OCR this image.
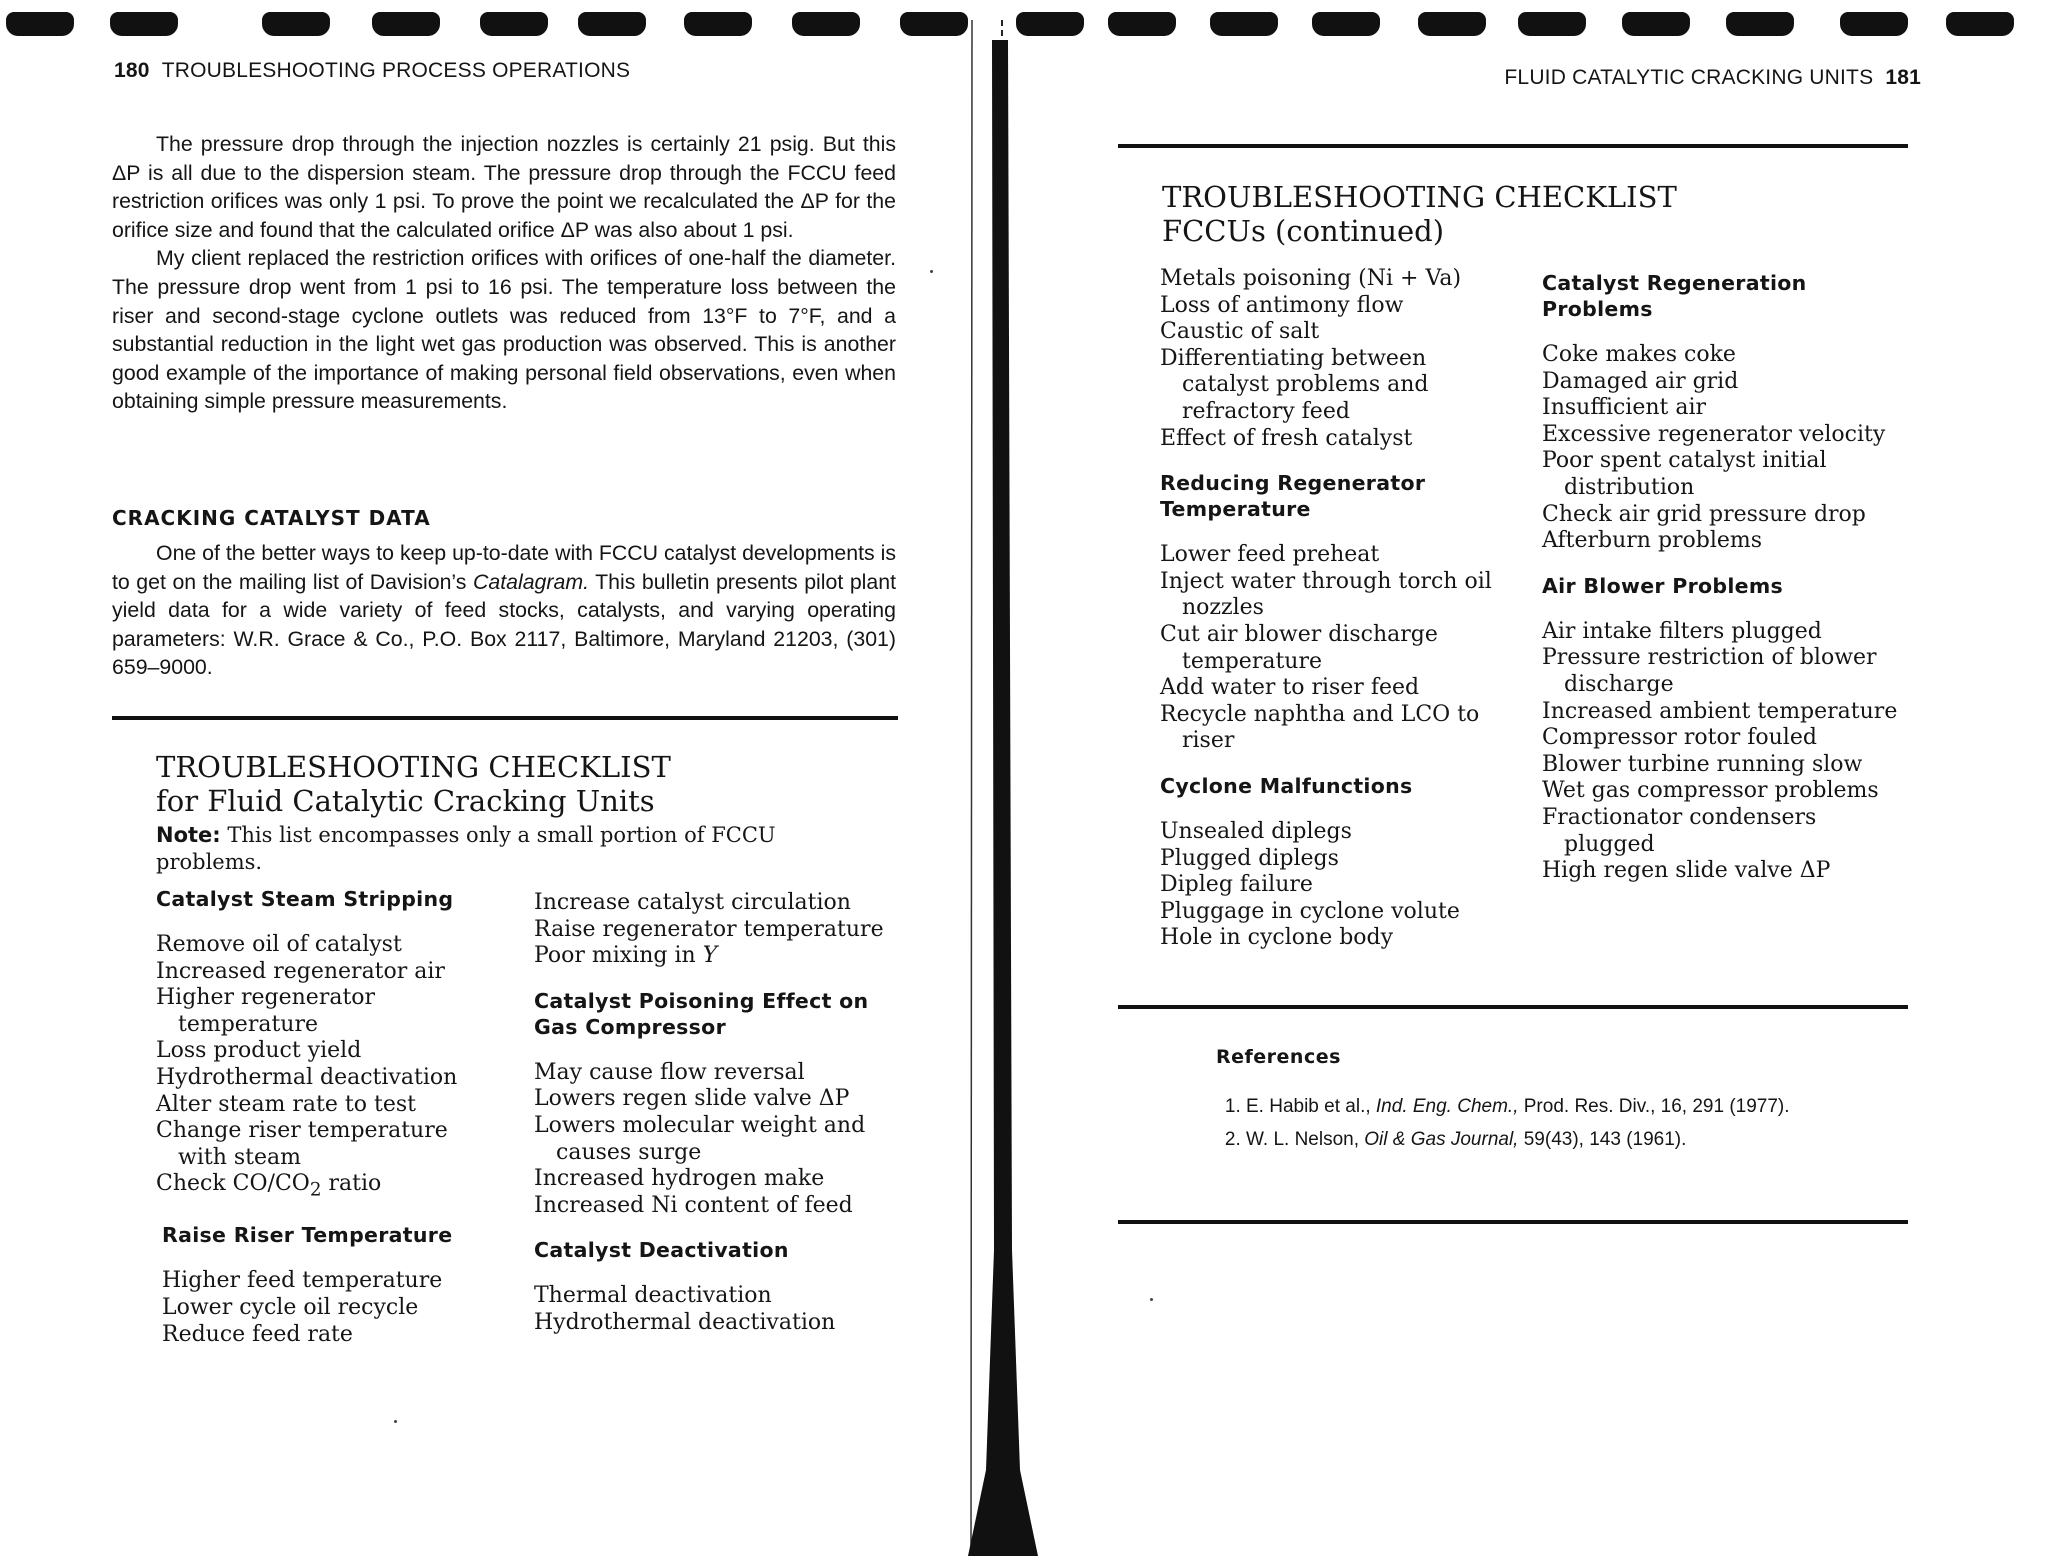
180 TROUBLESHOOTING PROCESS OPERATIONS

The pressure drop through the injection nozzles is certainly 21 psig. But this ΔP is all due to the dispersion steam. The pressure drop through the FCCU feed restriction orifices was only 1 psi. To prove the point we recalculated the ΔP for the orifice size and found that the calculated orifice ΔP was also about 1 psi.

My client replaced the restriction orifices with orifices of one-half the diameter. The pressure drop went from 1 psi to 16 psi. The temperature loss between the riser and second-stage cyclone outlets was reduced from 13°F to 7°F, and a substantial reduction in the light wet gas production was observed. This is another good example of the importance of making personal field observations, even when obtaining simple pressure measurements.

CRACKING CATALYST DATA

One of the better ways to keep up-to-date with FCCU catalyst developments is to get on the mailing list of Davision’s Catalagram. This bulletin presents pilot plant yield data for a wide variety of feed stocks, catalysts, and varying operating parameters: W.R. Grace & Co., P.O. Box 2117, Baltimore, Maryland 21203, (301) 659–9000.

TROUBLESHOOTING CHECKLIST
for Fluid Catalytic Cracking Units
Note: This list encompasses only a small portion of FCCU problems.
Catalyst Steam Stripping
Remove oil of catalyst
Increased regenerator air
Higher regenerator temperature
Loss product yield
Hydrothermal deactivation
Alter steam rate to test
Change riser temperature with steam
Check $CO/CO_2$ ratio
Raise Riser Temperature
Higher feed temperature
Lower cycle oil recycle
Reduce feed rate
Increase catalyst circulation
Raise regenerator temperature
Poor mixing in Y
Catalyst Poisoning Effect on Gas Compressor
May cause flow reversal
Lowers regen slide valve ΔP
Lowers molecular weight and causes surge
Increased hydrogen make
Increased Ni content of feed
Catalyst Deactivation
Thermal deactivation
Hydrothermal deactivation
FLUID CATALYTIC CRACKING UNITS 181
TROUBLESHOOTING CHECKLIST
FCCUs (continued)
Metals poisoning (Ni + Va)
Loss of antimony flow
Caustic of salt
Differentiating between catalyst problems and refractory feed
Effect of fresh catalyst
Reducing Regenerator Temperature
Lower feed preheat
Inject water through torch oil nozzles
Cut air blower discharge temperature
Add water to riser feed
Recycle naphtha and LCO to riser
Cyclone Malfunctions
Unsealed diplegs
Plugged diplegs
Dipleg failure
Pluggage in cyclone volute
Hole in cyclone body
Catalyst Regeneration Problems
Coke makes coke
Damaged air grid
Insufficient air
Excessive regenerator velocity
Poor spent catalyst initial distribution
Check air grid pressure drop
Afterburn problems
Air Blower Problems
Air intake filters plugged
Pressure restriction of blower discharge
Increased ambient temperature
Compressor rotor fouled
Blower turbine running slow
Wet gas compressor problems
Fractionator condensers plugged
High regen slide valve ΔP
References
1. E. Habib et al., Ind. Eng. Chem., Prod. Res. Div., 16, 291 (1977).
2. W. L. Nelson, Oil & Gas Journal, 59(43), 143 (1961).
